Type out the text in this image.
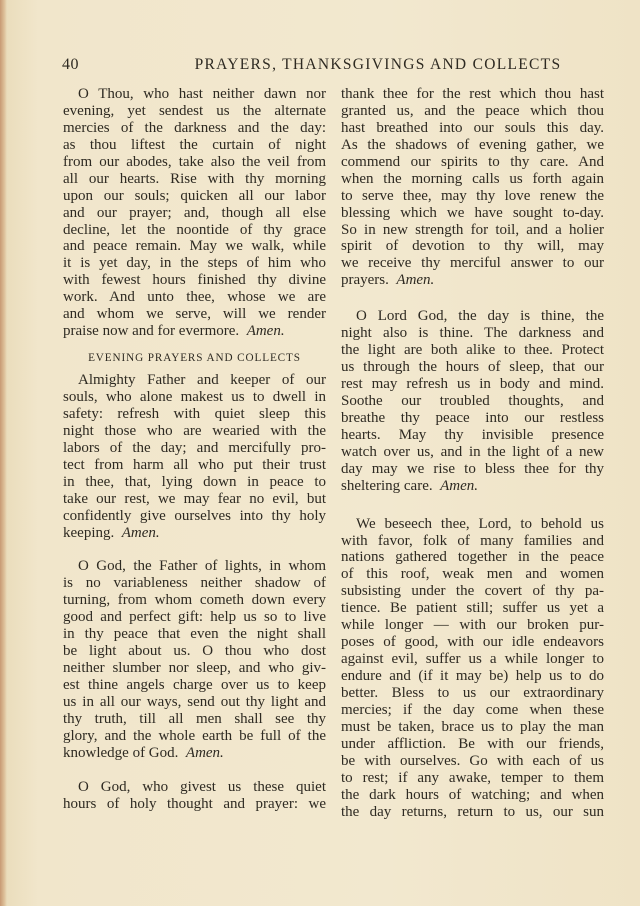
40	PRAYERS, THANKSGIVINGS AND COLLECTS
O Thou, who hast neither dawn nor
evening, yet sendest us the alternate
mercies of the darkness and the day:
as thou liftest the curtain of night
from our abodes, take also the veil from
all our hearts. Rise with thy morning
upon our souls; quicken all our labor
and our prayer; and, though all else
decline, let the noontide of thy grace
and peace remain. May we walk, while
it is yet day, in the steps of him who
with fewest hours finished thy divine
work. And unto thee, whose we are
and whom we serve, will we render
praise now and for evermore. Amen.
EVENING PRAYERS AND COLLECTS
Almighty Father and keeper of our
souls, who alone makest us to dwell in
safety: refresh with quiet sleep this
night those who are wearied with the
labors of the day; and mercifully pro-
tect from harm all who put their trust
in thee, that, lying down in peace to
take our rest, we may fear no evil, but
confidently give ourselves into thy holy
keeping. Amen.
O God, the Father of lights, in whom
is no variableness neither shadow of
turning, from whom cometh down every
good and perfect gift: help us so to live
in thy peace that even the night shall
be light about us. O thou who dost
neither slumber nor sleep, and who giv-
est thine angels charge over us to keep
us in all our ways, send out thy light and
thy truth, till all men shall see thy
glory, and the whole earth be full of the
knowledge of God. Amen.
O God, who givest us these quiet
hours of holy thought and prayer: we
thank thee for the rest which thou hast
granted us, and the peace which thou
hast breathed into our souls this day.
As the shadows of evening gather, we
commend our spirits to thy care. And
when the morning calls us forth again
to serve thee, may thy love renew the
blessing which we have sought to-day.
So in new strength for toil, and a holier
spirit of devotion to thy will, may
we receive thy merciful answer to our
prayers. Amen.
O Lord God, the day is thine, the
night also is thine. The darkness and
the light are both alike to thee. Protect
us through the hours of sleep, that our
rest may refresh us in body and mind.
Soothe our troubled thoughts, and
breathe thy peace into our restless
hearts. May thy invisible presence
watch over us, and in the light of a new
day may we rise to bless thee for thy
sheltering care. Amen.
We beseech thee, Lord, to behold us
with favor, folk of many families and
nations gathered together in the peace
of this roof, weak men and women
subsisting under the covert of thy pa-
tience. Be patient still; suffer us yet a
while longer — with our broken pur-
poses of good, with our idle endeavors
against evil, suffer us a while longer to
endure and (if it may be) help us to do
better. Bless to us our extraordinary
mercies; if the day come when these
must be taken, brace us to play the man
under affliction. Be with our friends,
be with ourselves. Go with each of us
to rest; if any awake, temper to them
the dark hours of watching; and when
the day returns, return to us, our sun
